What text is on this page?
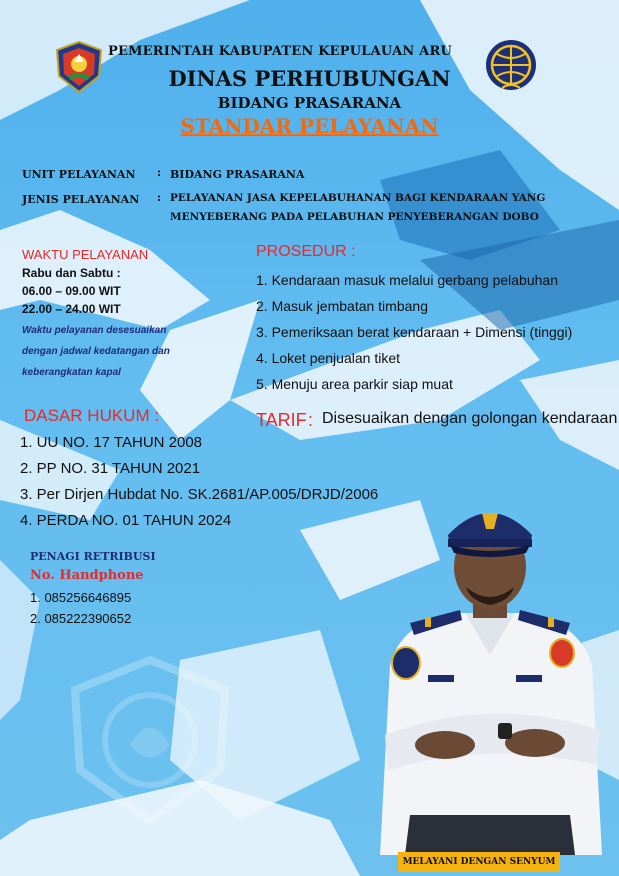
PEMERINTAH KABUPATEN KEPULAUAN ARU
DINAS PERHUBUNGAN
BIDANG PRASARANA
STANDAR PELAYANAN
UNIT PELAYANAN : BIDANG PRASARANA
JENIS PELAYANAN : PELAYANAN JASA KEPELABUHANAN BAGI KENDARAAN YANG
MENYEBERANG PADA PELABUHAN PENYEBERANGAN DOBO
WAKTU PELAYANAN
Rabu dan Sabtu :
06.00 – 09.00 WIT
22.00 – 24.00 WIT
Waktu pelayanan desesuaikan
dengan jadwal kedatangan dan
keberangkatan kapal
PROSEDUR :
1. Kendaraan masuk melalui gerbang pelabuhan
2. Masuk jembatan timbang
3. Pemeriksaan berat kendaraan + Dimensi (tinggi)
4. Loket penjualan tiket
5. Menuju area parkir siap muat
TARIF : Disesuaikan dengan golongan kendaraan
DASAR HUKUM :
1. UU NO. 17 TAHUN 2008
2. PP NO. 31 TAHUN 2021
3. Per Dirjen Hubdat No. SK.2681/AP.005/DRJD/2006
4. PERDA NO. 01 TAHUN 2024
PENAGI RETRIBUSI
No. Handphone
1. 085256646895
2. 085222390652
MELAYANI DENGAN SENYUM
